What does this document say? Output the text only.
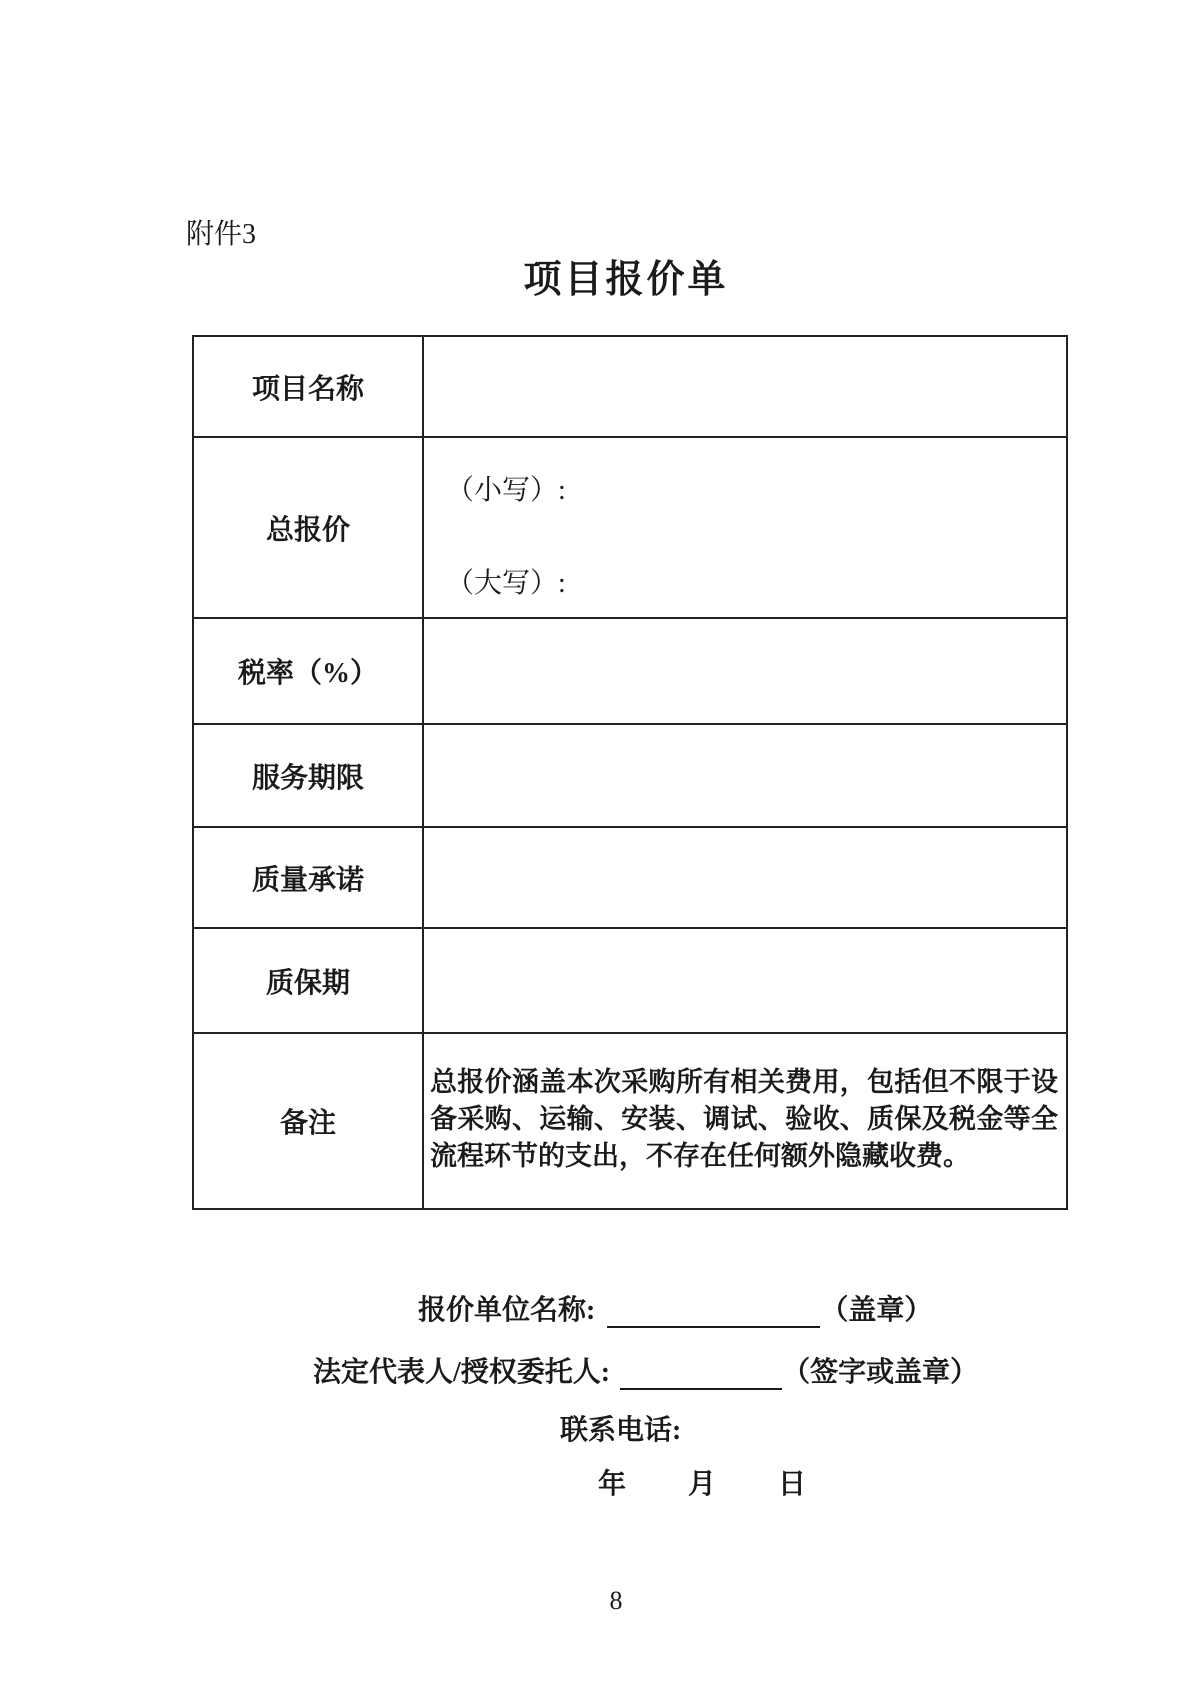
附件3
项目报价单
项目名称
总报价
（小写）:
（大写）:
税率（%）
服务期限
质量承诺
质保期
备注
总报价涵盖本次采购所有相关费用，包括但不限于设备采购、运输、安装、调试、验收、质保及税金等全流程环节的支出，不存在任何额外隐藏收费。
报价单位名称:	（盖章）
法定代表人/授权委托人:	（签字或盖章）
联系电话:
年 月 日
8
